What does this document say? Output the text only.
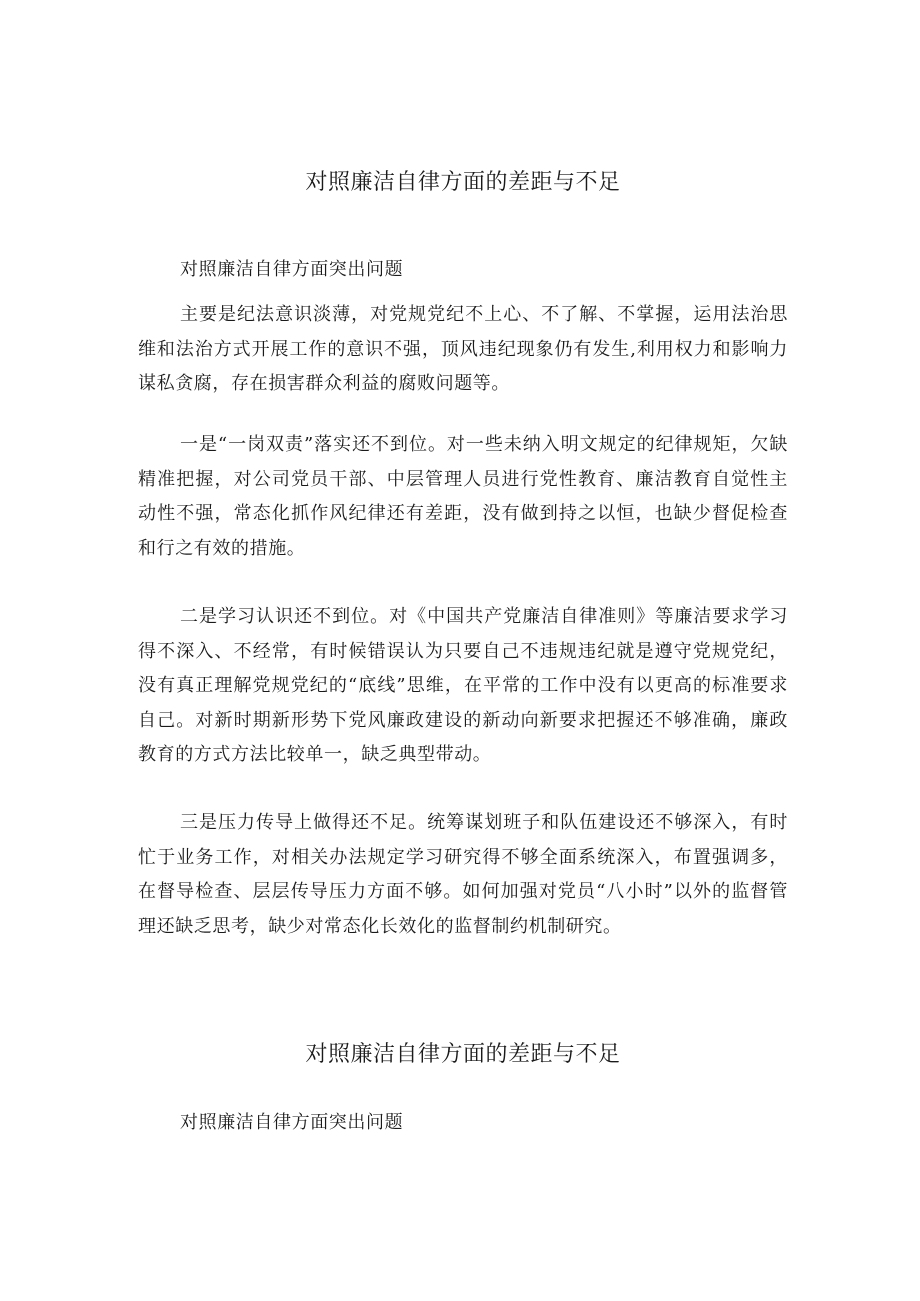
对照廉洁自律方面的差距与不足

对照廉洁自律方面突出问题

主要是纪法意识淡薄，对党规党纪不上心、不了解、不掌握，运用法治思维和法治方式开展工作的意识不强，顶风违纪现象仍有发生,利用权力和影响力谋私贪腐，存在损害群众利益的腐败问题等。

一是“一岗双责”落实还不到位。对一些未纳入明文规定的纪律规矩，欠缺精准把握，对公司党员干部、中层管理人员进行党性教育、廉洁教育自觉性主动性不强，常态化抓作风纪律还有差距，没有做到持之以恒，也缺少督促检查和行之有效的措施。

二是学习认识还不到位。对《中国共产党廉洁自律准则》等廉洁要求学习得不深入、不经常，有时候错误认为只要自己不违规违纪就是遵守党规党纪，没有真正理解党规党纪的“底线”思维，在平常的工作中没有以更高的标准要求自己。对新时期新形势下党风廉政建设的新动向新要求把握还不够准确，廉政教育的方式方法比较单一，缺乏典型带动。

三是压力传导上做得还不足。统筹谋划班子和队伍建设还不够深入，有时忙于业务工作，对相关办法规定学习研究得不够全面系统深入，布置强调多，在督导检查、层层传导压力方面不够。如何加强对党员“八小时”以外的监督管理还缺乏思考，缺少对常态化长效化的监督制约机制研究。

对照廉洁自律方面的差距与不足

对照廉洁自律方面突出问题
